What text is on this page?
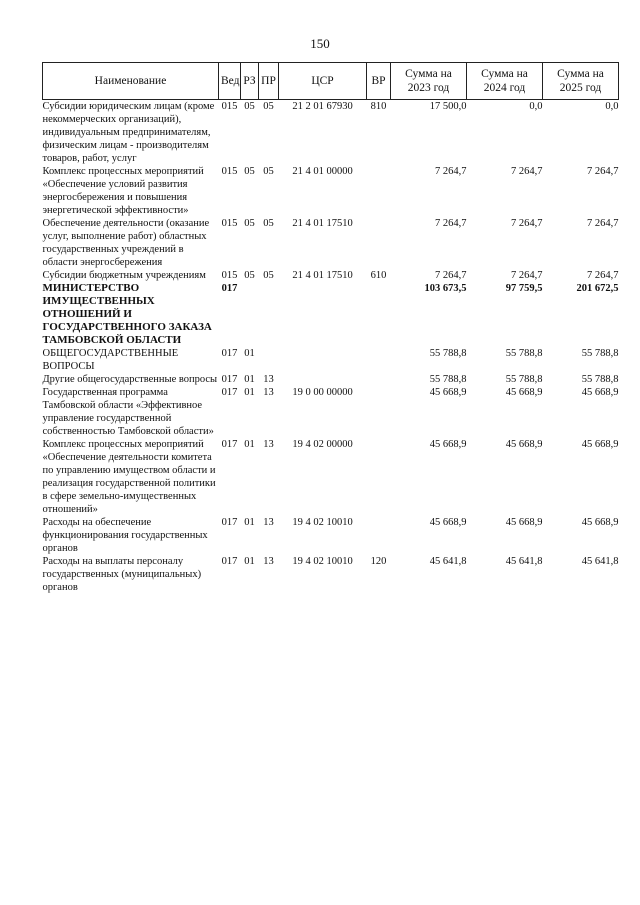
150
Наименование	Вед	РЗ	ПР	ЦСР	ВР	Сумма на 2023 год	Сумма на 2024 год	Сумма на 2025 год
Субсидии юридическим лицам (кроме некоммерческих организаций), индивидуальным предпринимателям, физическим лицам - производителям товаров, работ, услуг	015	05	05	21 2 01 67930	810	17 500,0	0,0	0,0
Комплекс процессных мероприятий «Обеспечение условий развития энергосбережения и повышения энергетической эффективности»	015	05	05	21 4 01 00000		7 264,7	7 264,7	7 264,7
Обеспечение деятельности (оказание услуг, выполнение работ) областных государственных учреждений в области энергосбережения	015	05	05	21 4 01 17510		7 264,7	7 264,7	7 264,7
Субсидии бюджетным учреждениям	015	05	05	21 4 01 17510	610	7 264,7	7 264,7	7 264,7
МИНИСТЕРСТВО ИМУЩЕСТВЕННЫХ ОТНОШЕНИЙ И ГОСУДАРСТВЕННОГО ЗАКАЗА ТАМБОВСКОЙ ОБЛАСТИ	017					103 673,5	97 759,5	201 672,5
ОБЩЕГОСУДАРСТВЕННЫЕ ВОПРОСЫ	017	01				55 788,8	55 788,8	55 788,8
Другие общегосударственные вопросы	017	01	13			55 788,8	55 788,8	55 788,8
Государственная программа Тамбовской области «Эффективное управление государственной собственностью Тамбовской области»	017	01	13	19 0 00 00000		45 668,9	45 668,9	45 668,9
Комплекс процессных мероприятий «Обеспечение деятельности комитета по управлению имуществом области и реализация государственной политики в сфере земельно-имущественных отношений»	017	01	13	19 4 02 00000		45 668,9	45 668,9	45 668,9
Расходы на обеспечение функционирования государственных органов	017	01	13	19 4 02 10010		45 668,9	45 668,9	45 668,9
Расходы на выплаты персоналу государственных (муниципальных) органов	017	01	13	19 4 02 10010	120	45 641,8	45 641,8	45 641,8
